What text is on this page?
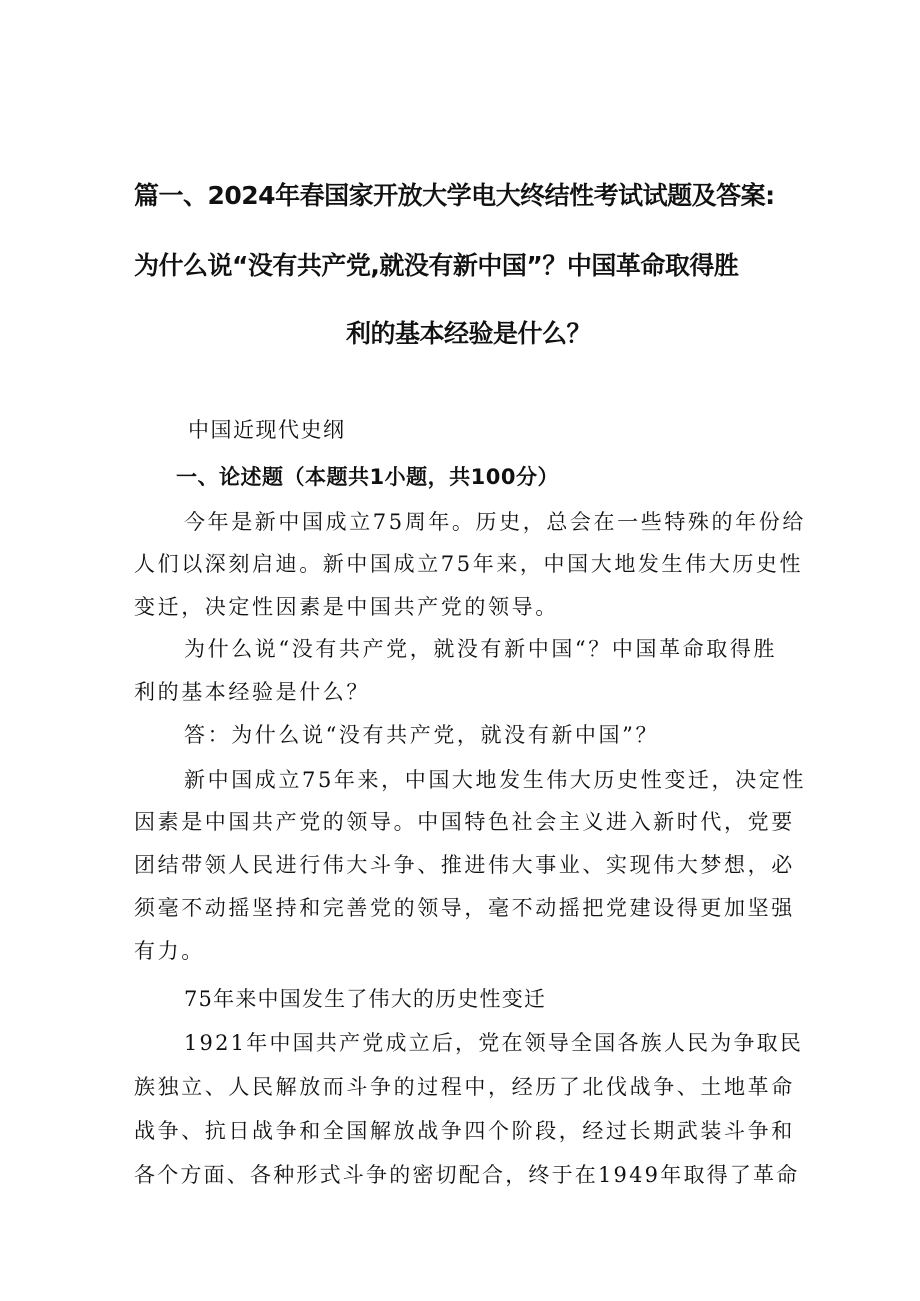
篇一、2024年春国家开放大学电大终结性考试试题及答案:
为什么说“没有共产党,就没有新中国”？中国革命取得胜
利的基本经验是什么？
中国近现代史纲
一、论述题（本题共1小题，共100分）
今年是新中国成立75周年。历史，总会在一些特殊的年份给
人们以深刻启迪。新中国成立75年来，中国大地发生伟大历史性
变迁，决定性因素是中国共产党的领导。
为什么说“没有共产党，就没有新中国“？中国革命取得胜
利的基本经验是什么？
答：为什么说“没有共产党，就没有新中国”？
新中国成立75年来，中国大地发生伟大历史性变迁，决定性
因素是中国共产党的领导。中国特色社会主义进入新时代，党要
团结带领人民进行伟大斗争、推进伟大事业、实现伟大梦想，必
须毫不动摇坚持和完善党的领导，毫不动摇把党建设得更加坚强
有力。
75年来中国发生了伟大的历史性变迁
1921年中国共产党成立后，党在领导全国各族人民为争取民
族独立、人民解放而斗争的过程中，经历了北伐战争、土地革命
战争、抗日战争和全国解放战争四个阶段，经过长期武装斗争和
各个方面、各种形式斗争的密切配合，终于在1949年取得了革命
